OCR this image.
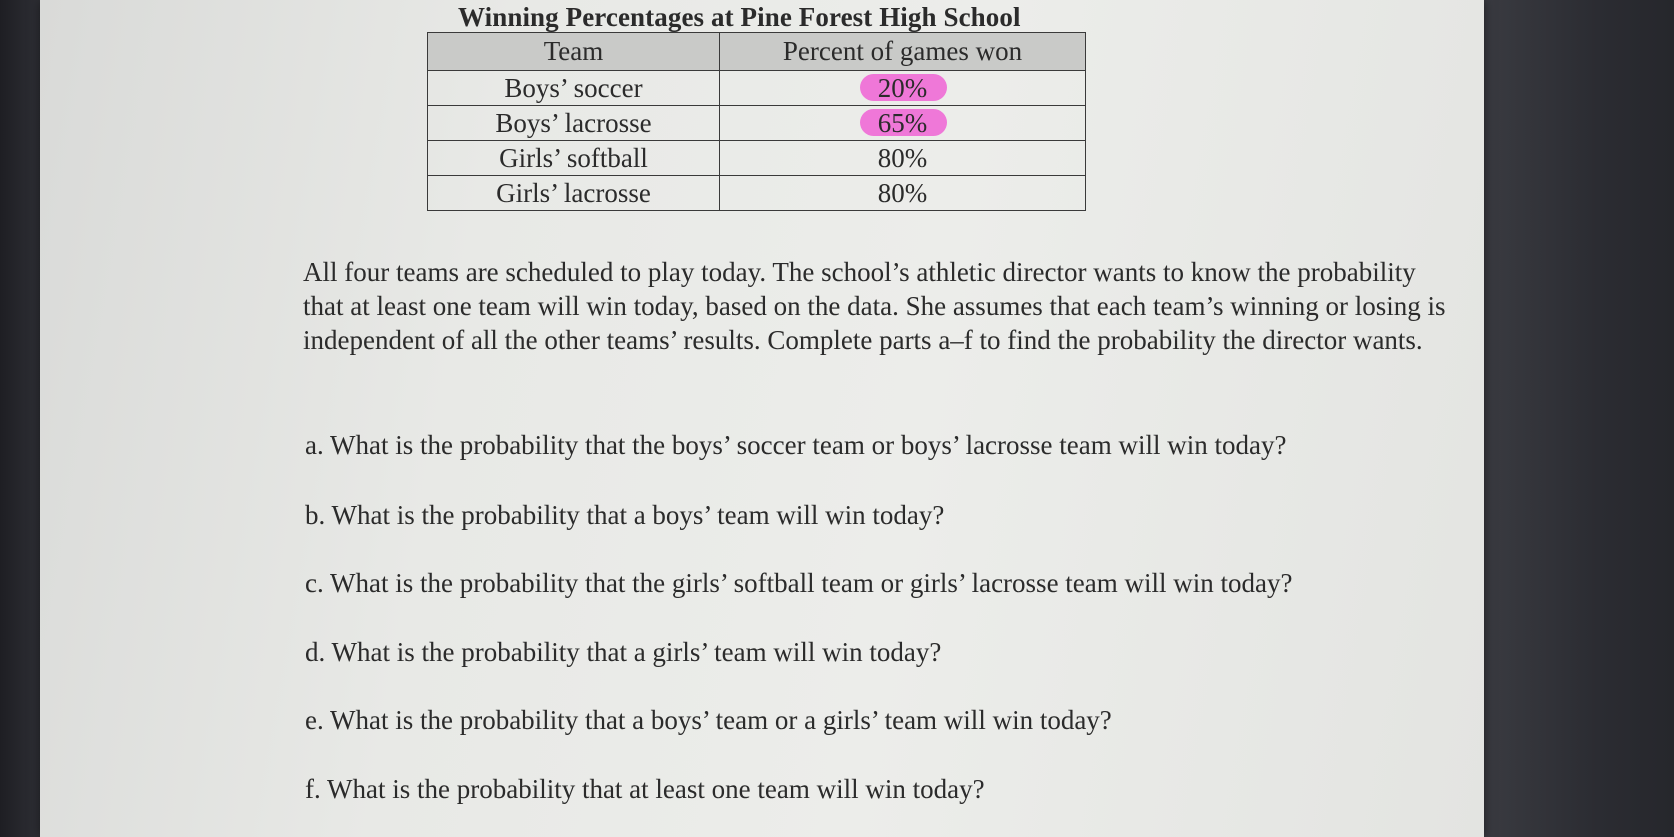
Winning Percentages at Pine Forest High School
Team	Percent of games won
Boys’ soccer	20%
Boys’ lacrosse	65%
Girls’ softball	80%
Girls’ lacrosse	80%

All four teams are scheduled to play today. The school’s athletic director wants to know the probability that at least one team will win today, based on the data. She assumes that each team’s winning or losing is independent of all the other teams’ results. Complete parts a–f to find the probability the director wants.

a. What is the probability that the boys’ soccer team or boys’ lacrosse team will win today?

b. What is the probability that a boys’ team will win today?

c. What is the probability that the girls’ softball team or girls’ lacrosse team will win today?

d. What is the probability that a girls’ team will win today?

e. What is the probability that a boys’ team or a girls’ team will win today?

f. What is the probability that at least one team will win today?
